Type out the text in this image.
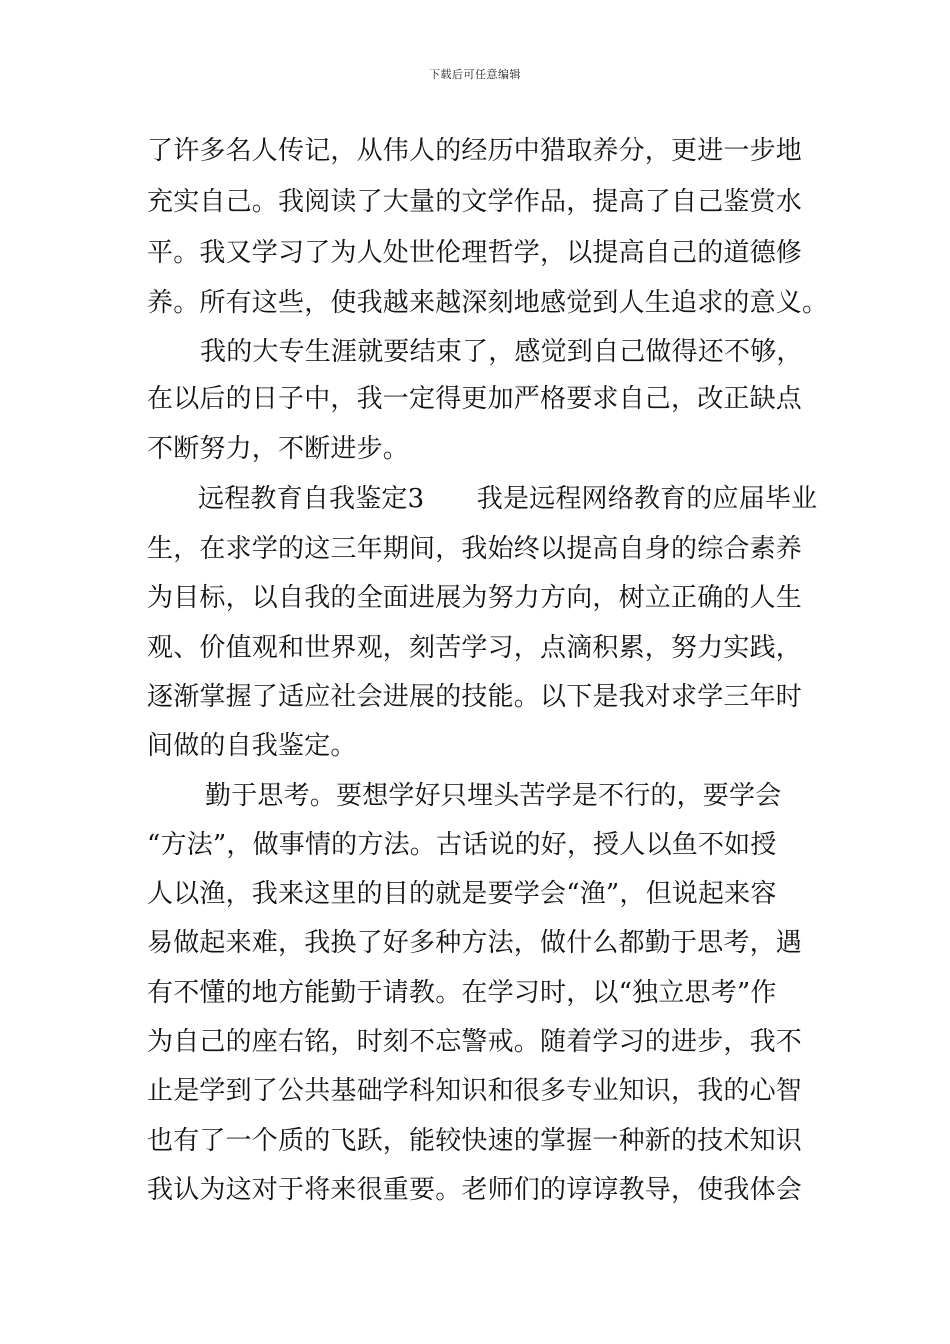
下载后可任意编辑
了许多名人传记，从伟人的经历中猎取养分，更进一步地
充实自己。我阅读了大量的文学作品，提高了自己鉴赏水
平。我又学习了为人处世伦理哲学，以提高自己的道德修
养。所有这些，使我越来越深刻地感觉到人生追求的意义。
我的大专生涯就要结束了，感觉到自己做得还不够，
在以后的日子中，我一定得更加严格要求自己，改正缺点
不断努力，不断进步。
远程教育自我鉴定3　　我是远程网络教育的应届毕业
生，在求学的这三年期间，我始终以提高自身的综合素养
为目标，以自我的全面进展为努力方向，树立正确的人生
观、价值观和世界观，刻苦学习，点滴积累，努力实践，
逐渐掌握了适应社会进展的技能。以下是我对求学三年时
间做的自我鉴定。
勤于思考。要想学好只埋头苦学是不行的，要学会
“方法”，做事情的方法。古话说的好，授人以鱼不如授
人以渔，我来这里的目的就是要学会“渔”，但说起来容
易做起来难，我换了好多种方法，做什么都勤于思考，遇
有不懂的地方能勤于请教。在学习时，以“独立思考”作
为自己的座右铭，时刻不忘警戒。随着学习的进步，我不
止是学到了公共基础学科知识和很多专业知识，我的心智
也有了一个质的飞跃，能较快速的掌握一种新的技术知识
我认为这对于将来很重要。老师们的谆谆教导，使我体会
